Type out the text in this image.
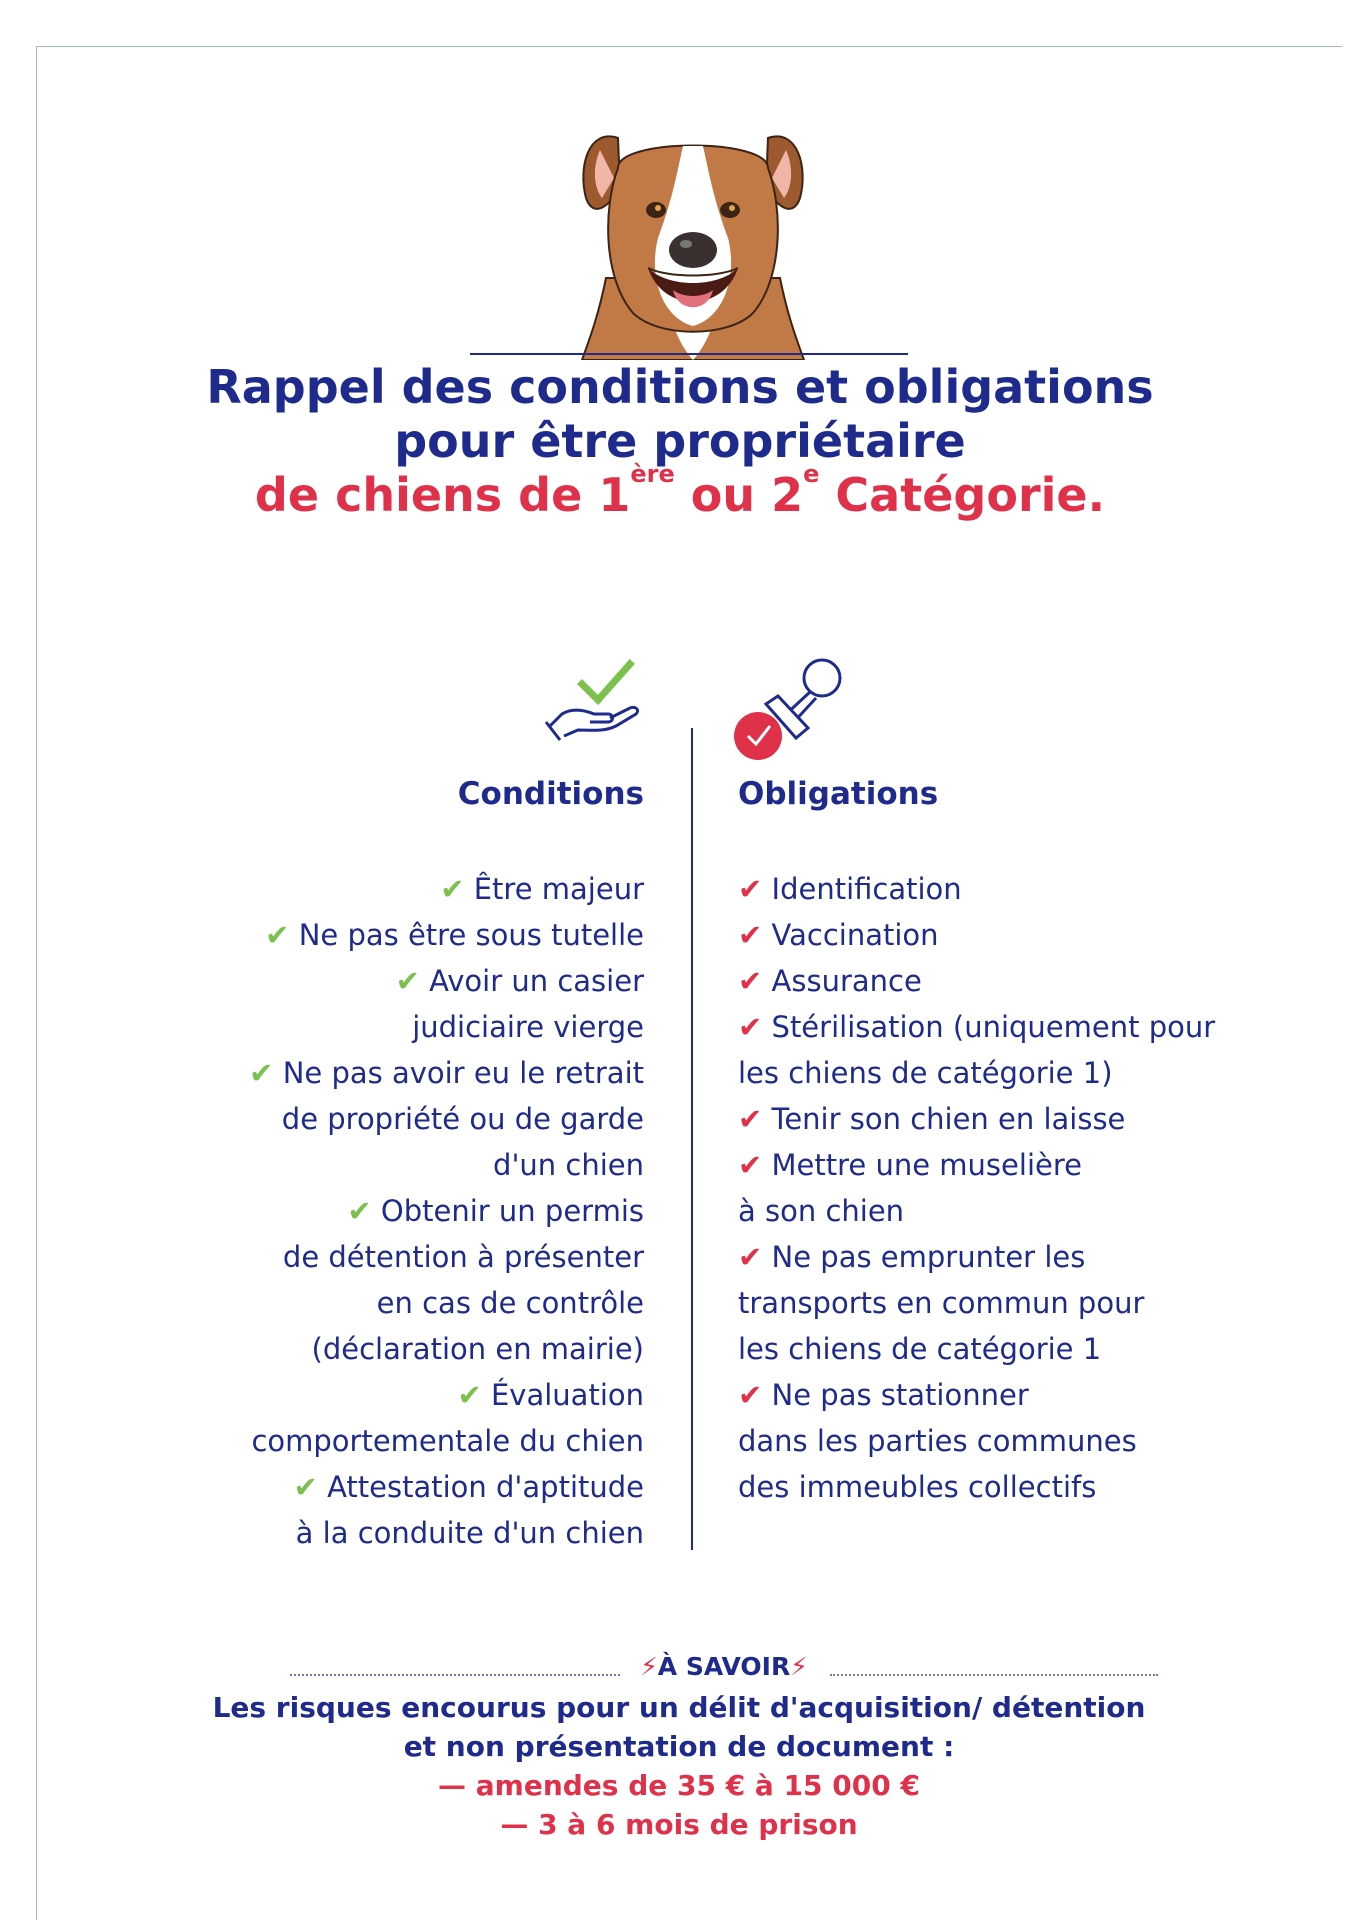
Rappel des conditions et obligations
pour être propriétaire
de chiens de 1ère ou 2e Catégorie.
Conditions	Obligations
✔ Être majeur
✔ Ne pas être sous tutelle
✔ Avoir un casier
judiciaire vierge
✔ Ne pas avoir eu le retrait
de propriété ou de garde
d'un chien
✔ Obtenir un permis
de détention à présenter
en cas de contrôle
(déclaration en mairie)
✔ Évaluation
comportementale du chien
✔ Attestation d'aptitude
à la conduite d'un chien
✔ Identification
✔ Vaccination
✔ Assurance
✔ Stérilisation (uniquement pour
les chiens de catégorie 1)
✔ Tenir son chien en laisse
✔ Mettre une muselière
à son chien
✔ Ne pas emprunter les
transports en commun pour
les chiens de catégorie 1
✔ Ne pas stationner
dans les parties communes
des immeubles collectifs
⚡À SAVOIR⚡
Les risques encourus pour un délit d'acquisition/ détention
et non présentation de document :
— amendes de 35 € à 15 000 €
— 3 à 6 mois de prison
